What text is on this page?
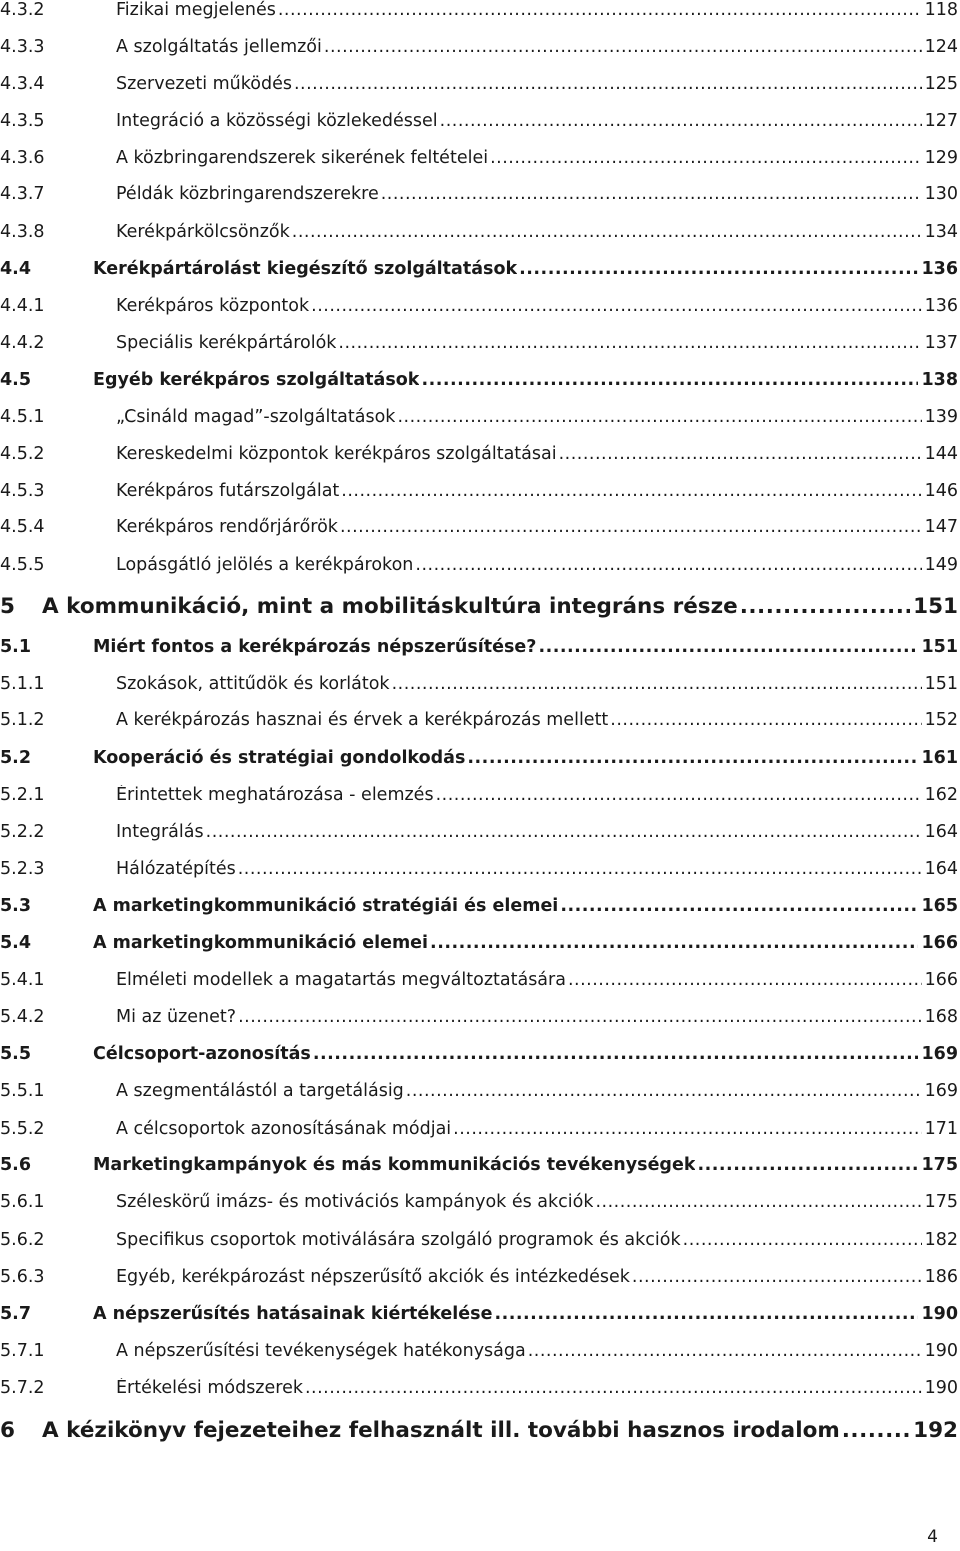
4.3.2	Fizikai megjelenés .....	118
4.3.3	A szolgáltatás jellemzői .....	124
4.3.4	Szervezeti működés .....	125
4.3.5	Integráció a közösségi közlekedéssel .....	127
4.3.6	A közbringarendszerek sikerének feltételei .....	129
4.3.7	Példák közbringarendszerekre .....	130
4.3.8	Kerékpárkölcsönzők .....	134
4.4	Kerékpártárolást kiegészítő szolgáltatások .....	136
4.4.1	Kerékpáros központok .....	136
4.4.2	Speciális kerékpártárolók .....	137
4.5	Egyéb kerékpáros szolgáltatások .....	138
4.5.1	„Csináld magad”-szolgáltatások .....	139
4.5.2	Kereskedelmi központok kerékpáros szolgáltatásai .....	144
4.5.3	Kerékpáros futárszolgálat .....	146
4.5.4	Kerékpáros rendőrjárőrök .....	147
4.5.5	Lopásgátló jelölés a kerékpárokon .....	149
5 A kommunikáció, mint a mobilitáskultúra integráns része .....	151
5.1	Miért fontos a kerékpározás népszerűsítése? .....	151
5.1.1	Szokások, attitűdök és korlátok .....	151
5.1.2	A kerékpározás hasznai és érvek a kerékpározás mellett .....	152
5.2	Kooperáció és stratégiai gondolkodás .....	161
5.2.1	Érintettek meghatározása - elemzés .....	162
5.2.2	Integrálás .....	164
5.2.3	Hálózatépítés .....	164
5.3	A marketingkommunikáció stratégiái és elemei .....	165
5.4	A marketingkommunikáció elemei .....	166
5.4.1	Elméleti modellek a magatartás megváltoztatására .....	166
5.4.2	Mi az üzenet? .....	168
5.5	Célcsoport-azonosítás .....	169
5.5.1	A szegmentálástól a targetálásig .....	169
5.5.2	A célcsoportok azonosításának módjai .....	171
5.6	Marketingkampányok és más kommunikációs tevékenységek .....	175
5.6.1	Széleskörű imázs- és motivációs kampányok és akciók .....	175
5.6.2	Specifikus csoportok motiválására szolgáló programok és akciók .....	182
5.6.3	Egyéb, kerékpározást népszerűsítő akciók és intézkedések .....	186
5.7	A népszerűsítés hatásainak kiértékelése .....	190
5.7.1	A népszerűsítési tevékenységek hatékonysága .....	190
5.7.2	Értékelési módszerek .....	190
6 A kézikönyv fejezeteihez felhasznált ill. további hasznos irodalom .....	192
4
